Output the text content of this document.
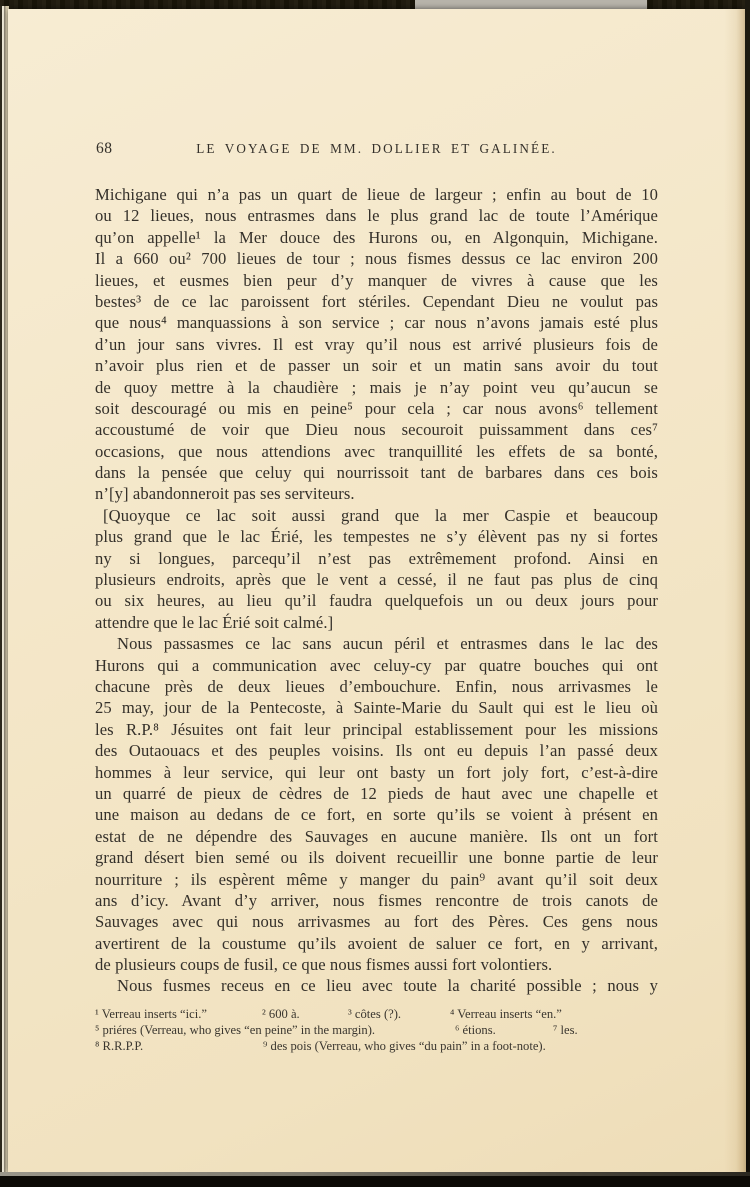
68	LE VOYAGE DE MM. DOLLIER ET GALINÉE.
Michigane qui n’a pas un quart de lieue de largeur ; enfin au bout de 10
ou 12 lieues, nous entrasmes dans le plus grand lac de toute l’Amérique
qu’on appelle¹ la Mer douce des Hurons ou, en Algonquin, Michigane.
Il a 660 ou² 700 lieues de tour ; nous fismes dessus ce lac environ 200
lieues, et eusmes bien peur d’y manquer de vivres à cause que les
bestes³ de ce lac paroissent fort stériles. Cependant Dieu ne voulut pas
que nous⁴ manquassions à son service ; car nous n’avons jamais esté plus
d’un jour sans vivres. Il est vray qu’il nous est arrivé plusieurs fois de
n’avoir plus rien et de passer un soir et un matin sans avoir du tout
de quoy mettre à la chaudière ; mais je n’ay point veu qu’aucun se
soit descouragé ou mis en peine⁵ pour cela ; car nous avons⁶ tellement
accoustumé de voir que Dieu nous secouroit puissamment dans ces⁷
occasions, que nous attendions avec tranquillité les effets de sa bonté,
dans la pensée que celuy qui nourrissoit tant de barbares dans ces bois
n’[y] abandonneroit pas ses serviteurs.
[Quoyque ce lac soit aussi grand que la mer Caspie et beaucoup
plus grand que le lac Érié, les tempestes ne s’y élèvent pas ny si fortes
ny si longues, parcequ’il n’est pas extrêmement profond. Ainsi en
plusieurs endroits, après que le vent a cessé, il ne faut pas plus de cinq
ou six heures, au lieu qu’il faudra quelquefois un ou deux jours pour
attendre que le lac Érié soit calmé.]
Nous passasmes ce lac sans aucun péril et entrasmes dans le lac des
Hurons qui a communication avec celuy-cy par quatre bouches qui ont
chacune près de deux lieues d’embouchure. Enfin, nous arrivasmes le
25 may, jour de la Pentecoste, à Sainte-Marie du Sault qui est le lieu où
les R.P.⁸ Jésuites ont fait leur principal establissement pour les missions
des Outaouacs et des peuples voisins. Ils ont eu depuis l’an passé deux
hommes à leur service, qui leur ont basty un fort joly fort, c’est-à-dire
un quarré de pieux de cèdres de 12 pieds de haut avec une chapelle et
une maison au dedans de ce fort, en sorte qu’ils se voient à présent en
estat de ne dépendre des Sauvages en aucune manière. Ils ont un fort
grand désert bien semé ou ils doivent recueillir une bonne partie de leur
nourriture ; ils espèrent même y manger du pain⁹ avant qu’il soit deux
ans d’icy. Avant d’y arriver, nous fismes rencontre de trois canots de
Sauvages avec qui nous arrivasmes au fort des Pères. Ces gens nous
avertirent de la coustume qu’ils avoient de saluer ce fort, en y arrivant,
de plusieurs coups de fusil, ce que nous fismes aussi fort volontiers.
Nous fusmes receus en ce lieu avec toute la charité possible ; nous y
¹ Verreau inserts “ici.”	² 600 à.	³ côtes (?).	⁴ Verreau inserts “en.”
⁵ priéres (Verreau, who gives “en peine” in the margin).	⁶ étions.	⁷ les.
⁸ R.R.P.P.	⁹ des pois (Verreau, who gives “du pain” in a foot-note).
